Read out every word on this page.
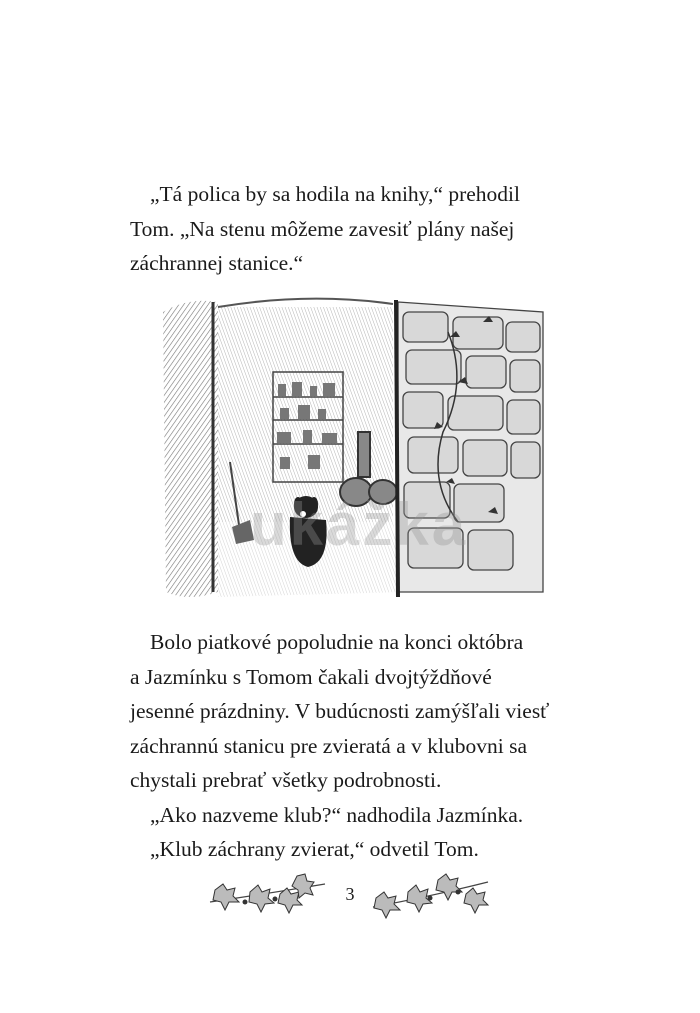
„Tá polica by sa hodila na knihy,“ prehodil
Tom. „Na stenu môžeme zavesiť plány našej
záchrannej stanice.“

ukážka

Bolo piatkové popoludnie na konci októbra
a Jazmínku s Tomom čakali dvojtýždňové
jesenné prázdniny. V budúcnosti zamýšľali viesť
záchrannú stanicu pre zvieratá a v klubovni sa
chystali prebrať všetky podrobnosti.
„Ako nazveme klub?“ nadhodila Jazmínka.
„Klub záchrany zvierat,“ odvetil Tom.

3
